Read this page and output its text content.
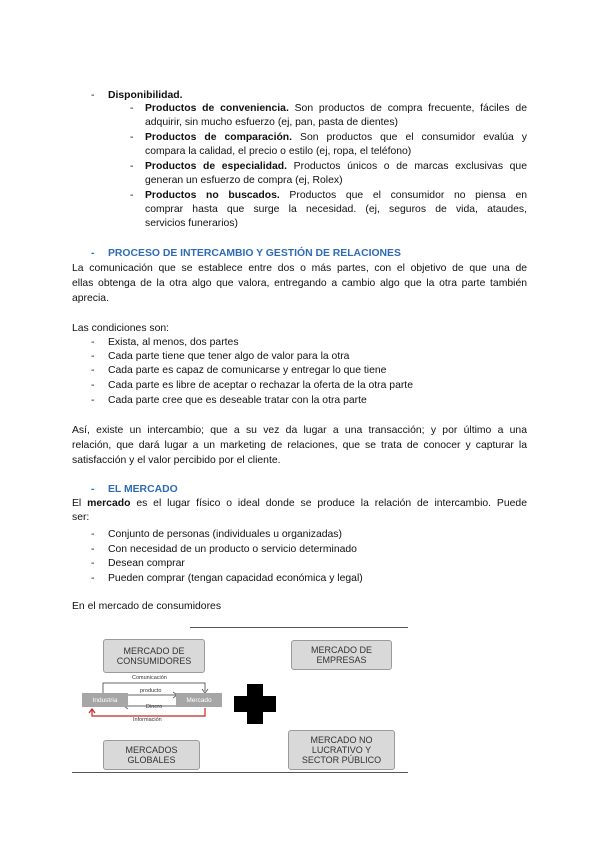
- Disponibilidad.
- Productos de conveniencia. Son productos de compra frecuente, fáciles de
adquirir, sin mucho esfuerzo (ej, pan, pasta de dientes)
- Productos de comparación. Son productos que el consumidor evalúa y
compara la calidad, el precio o estilo (ej, ropa, el teléfono)
- Productos de especialidad. Productos únicos o de marcas exclusivas que
generan un esfuerzo de compra (ej, Rolex)
- Productos no buscados. Productos que el consumidor no piensa en
comprar hasta que surge la necesidad. (ej, seguros de vida, ataudes,
servicios funerarios)
- PROCESO DE INTERCAMBIO Y GESTIÓN DE RELACIONES
La comunicación que se establece entre dos o más partes, con el objetivo de que una de
ellas obtenga de la otra algo que valora, entregando a cambio algo que la otra parte también
aprecia.
Las condiciones son:
- Exista, al menos, dos partes
- Cada parte tiene que tener algo de valor para la otra
- Cada parte es capaz de comunicarse y entregar lo que tiene
- Cada parte es libre de aceptar o rechazar la oferta de la otra parte
- Cada parte cree que es deseable tratar con la otra parte
Así, existe un intercambio; que a su vez da lugar a una transacción; y por último a una
relación, que dará lugar a un marketing de relaciones, que se trata de conocer y capturar la
satisfacción y el valor percibido por el cliente.
- EL MERCADO
El mercado es el lugar físico o ideal donde se produce la relación de intercambio. Puede
ser:
- Conjunto de personas (individuales u organizadas)
- Con necesidad de un producto o servicio determinado
- Desean comprar
- Pueden comprar (tengan capacidad económica y legal)
En el mercado de consumidores
MERCADO DE
CONSUMIDORES
MERCADO DE
EMPRESAS
MERCADOS
GLOBALES
MERCADO NO
LUCRATIVO Y
SECTOR PÚBLICO
Comunicación
producto
Dinero
Información
Industria	Mercado
